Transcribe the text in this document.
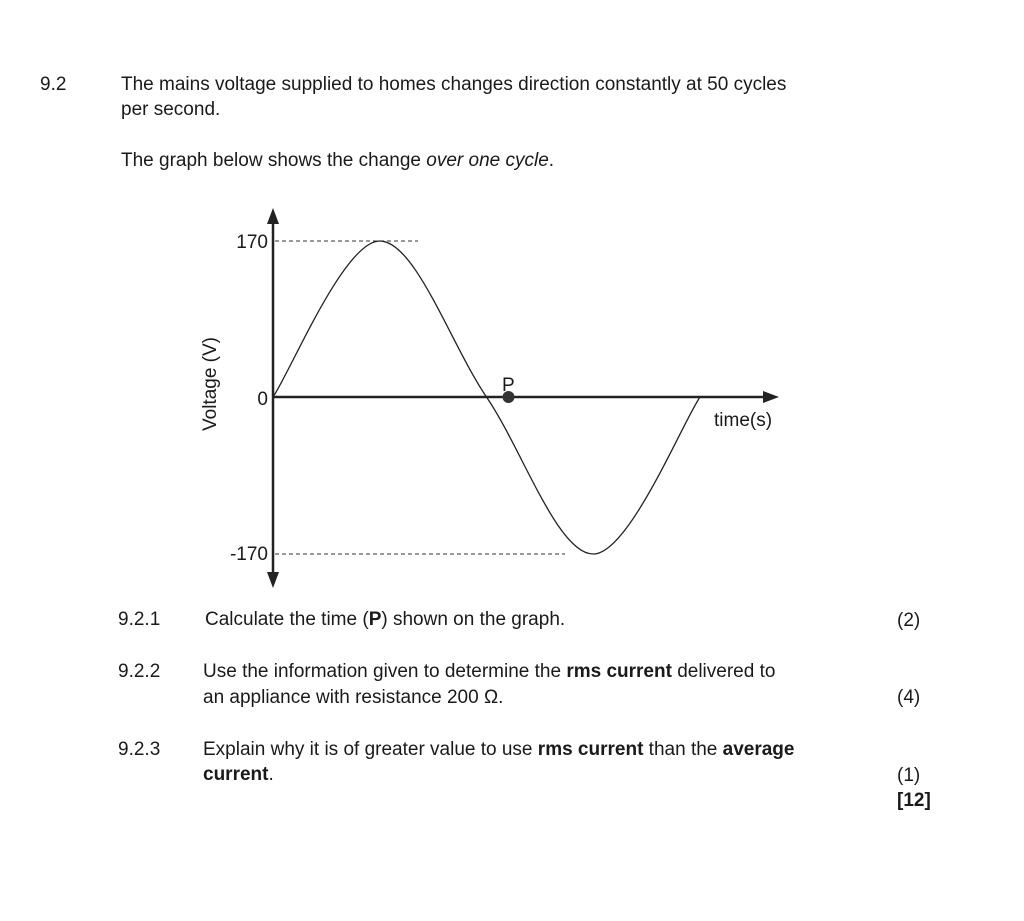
9.2	The mains voltage supplied to homes changes direction constantly at 50 cycles
per second.
The graph below shows the change over one cycle.
P
170
0
-170
Voltage (V)	time(s)
9.2.1 Calculate the time (P) shown on the graph.	(2)
9.2.2 Use the information given to determine the rms current delivered to
an appliance with resistance 200 Ω.	(4)
9.2.3 Explain why it is of greater value to use rms current than the average
current.	(1)
[12]
